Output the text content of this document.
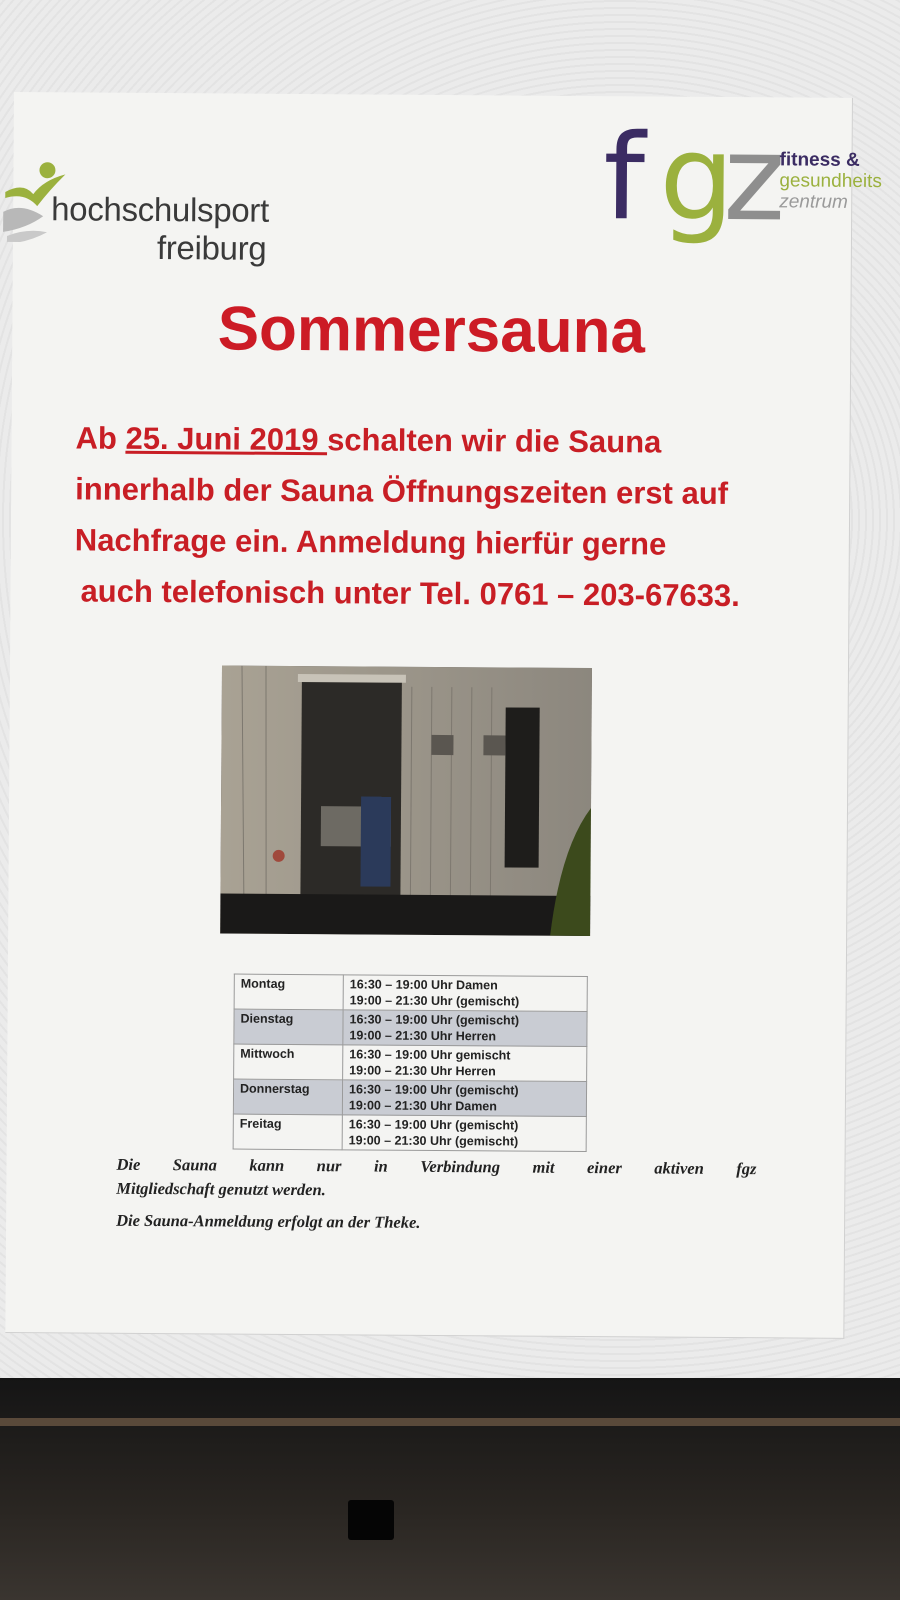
hochschulsport
freiburg
f g
z fitness &
gesundheits
zentrum
Sommersauna
Ab 25. Juni 2019 schalten wir die Sauna
innerhalb der Sauna Öffnungszeiten erst auf
Nachfrage ein. Anmeldung hierfür gerne
auch telefonisch unter Tel. 0761 – 203-67633.
Montag	16:30 – 19:00 Uhr Damen
19:00 – 21:30 Uhr (gemischt)

Dienstag	16:30 – 19:00 Uhr (gemischt)
19:00 – 21:30 Uhr Herren

Mittwoch	16:30 – 19:00 Uhr gemischt
19:00 – 21:30 Uhr Herren

Donnerstag	16:30 – 19:00 Uhr (gemischt)
19:00 – 21:30 Uhr Damen

Freitag	16:30 – 19:00 Uhr (gemischt)
19:00 – 21:30 Uhr (gemischt)
Die Sauna kann nur in Verbindung mit einer aktiven fgz
Mitgliedschaft genutzt werden.
Die Sauna-Anmeldung erfolgt an der Theke.
